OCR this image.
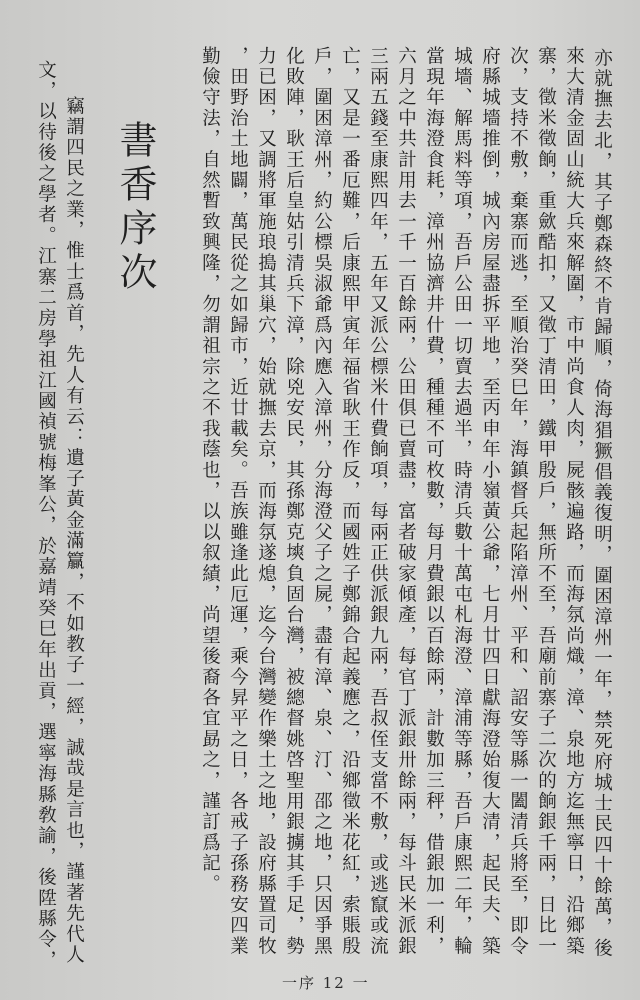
亦就撫去北，其子鄭森終不肯歸順，倚海猖獗倡義復明，圍困漳州一年，禁死府城士民四十餘萬，後
來大清金固山統大兵來解圍，市中尚食人肉，屍骸遍路，而海氛尚熾，漳、泉地方迄無寧日，沿鄉築
寨，徵米徵餉，重歛酷扣，又徵丁清田，鐵甲殷戶，無所不至，吾廟前寨子二次的餉銀千兩，日比一
次，支持不敷，棄寨而逃，至順治癸巳年，海鎮督兵起陷漳州、平和、詔安等縣一闔清兵將至，即令
府縣城墻推倒，城內房屋盡拆平地，至丙申年小嶺黃公爺，七月廿四日獻海澄始復大清，起民夫、築
城墻、解馬料等項，吾戶公田一切賣去過半，時清兵數十萬屯札海澄、漳浦等縣，吾戶康熙二年，輪
當現年海澄食耗，漳州協濟井什費，種種不可枚數，每月費銀以百餘兩，計數加三秤，借銀加一利，
六月之中共計用去一千一百餘兩，公田俱已賣盡，富者破家傾產，每官丁派銀卅餘兩，每斗民米派銀
三兩五錢至康熙四年，五年又派公標米什費餉項，每兩正供派銀九兩，吾叔侄支當不敷，或逃竄或流
亡，又是一番厄難，后康熙甲寅年福省耿王作反，而國姓子鄭錦合起義應之，沿鄉徵米花紅，索賬殷
戶，圍困漳州，約公標吳淑爺爲內應入漳州，分海澄父子之屍，盡有漳、泉、汀、邵之地，只因爭黑
化敗陣，耿王后皇姑引清兵下漳，除兇安民，其孫鄭克塽負固台灣，被總督姚啓聖用銀擄其手足，勢
力已困，又調將軍施琅搗其巢穴，始就撫去京，而海氛遂熄，迄今台灣變作樂土之地，設府縣置司牧
，田野治土地闢，萬民從之如歸市，近廿載矣。吾族雖逢此厄運，乘今昇平之日，各戒子孫務安四業
勤儉守法，自然暫致興隆，勿謂祖宗之不我蔭也，以以叙績，尚望後裔各宜勗之，謹訂爲記。
書香序次
竊謂四民之業，惟士爲首，先人有云：遺子黃金滿籯，不如教子一經，誠哉是言也，謹著先代人
文，以待後之學者。江寨二房學祖江國禎號梅峯公，於嘉靖癸巳年出貢，選寧海縣敎諭，後陞縣令，
一序 12 一
